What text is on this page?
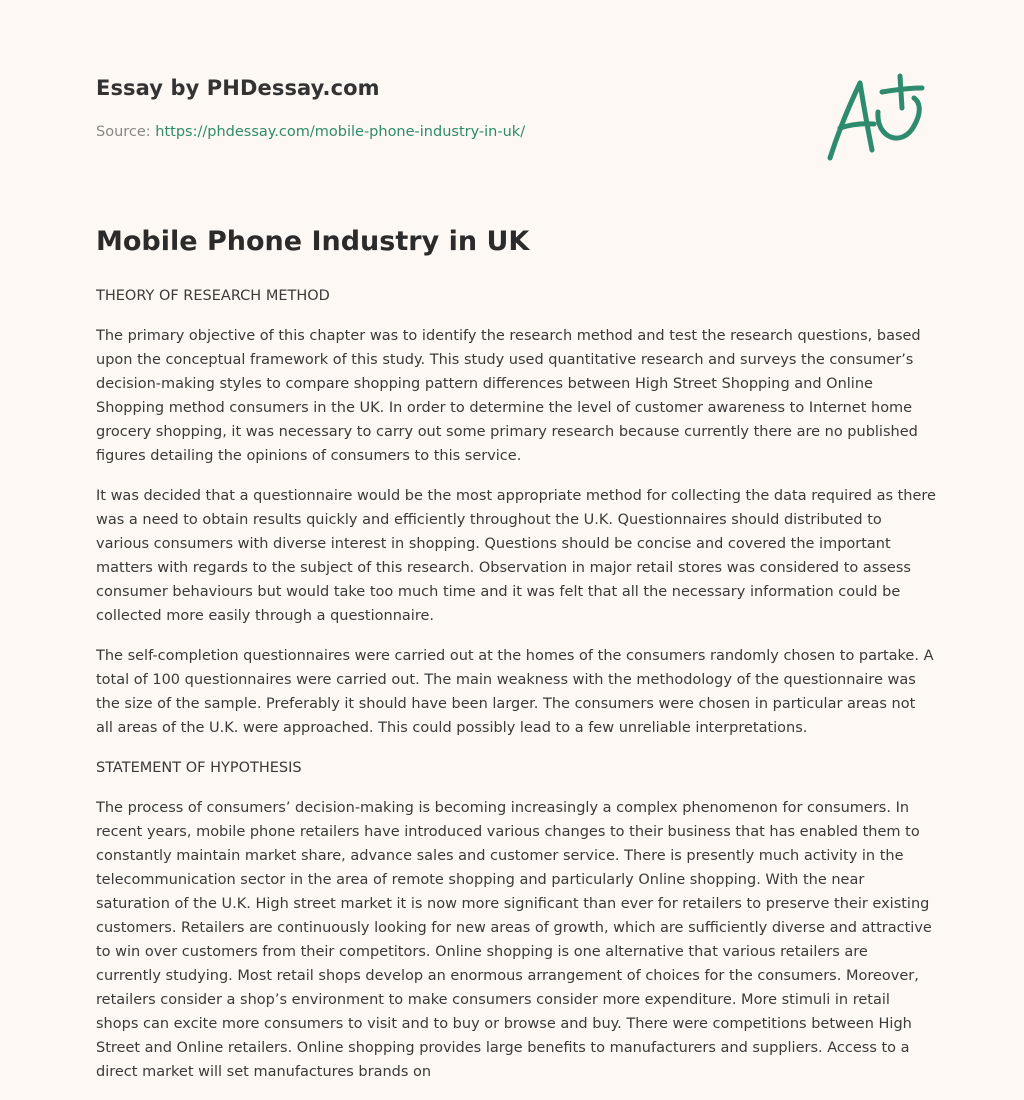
Essay by PHDessay.com
Source: https://phdessay.com/mobile-phone-industry-in-uk/
Mobile Phone Industry in UK

THEORY OF RESEARCH METHOD

The primary objective of this chapter was to identify the research method and test the research questions, based upon the conceptual framework of this study. This study used quantitative research and surveys the consumer’s decision-making styles to compare shopping pattern differences between High Street Shopping and Online Shopping method consumers in the UK. In order to determine the level of customer awareness to Internet home grocery shopping, it was necessary to carry out some primary research because currently there are no published figures detailing the opinions of consumers to this service.

It was decided that a questionnaire would be the most appropriate method for collecting the data required as there was a need to obtain results quickly and efficiently throughout the U.K. Questionnaires should distributed to various consumers with diverse interest in shopping. Questions should be concise and covered the important matters with regards to the subject of this research. Observation in major retail stores was considered to assess consumer behaviours but would take too much time and it was felt that all the necessary information could be collected more easily through a questionnaire.

The self-completion questionnaires were carried out at the homes of the consumers randomly chosen to partake. A total of 100 questionnaires were carried out. The main weakness with the methodology of the questionnaire was the size of the sample. Preferably it should have been larger. The consumers were chosen in particular areas not all areas of the U.K. were approached. This could possibly lead to a few unreliable interpretations.

STATEMENT OF HYPOTHESIS

The process of consumers’ decision-making is becoming increasingly a complex phenomenon for consumers. In recent years, mobile phone retailers have introduced various changes to their business that has enabled them to constantly maintain market share, advance sales and customer service. There is presently much activity in the telecommunication sector in the area of remote shopping and particularly Online shopping. With the near saturation of the U.K. High street market it is now more significant than ever for retailers to preserve their existing customers. Retailers are continuously looking for new areas of growth, which are sufficiently diverse and attractive to win over customers from their competitors. Online shopping is one alternative that various retailers are currently studying. Most retail shops develop an enormous arrangement of choices for the consumers. Moreover, retailers consider a shop’s environment to make consumers consider more expenditure. More stimuli in retail shops can excite more consumers to visit and to buy or browse and buy. There were competitions between High Street and Online retailers. Online shopping provides large benefits to manufacturers and suppliers. Access to a direct market will set manufactures brands on
